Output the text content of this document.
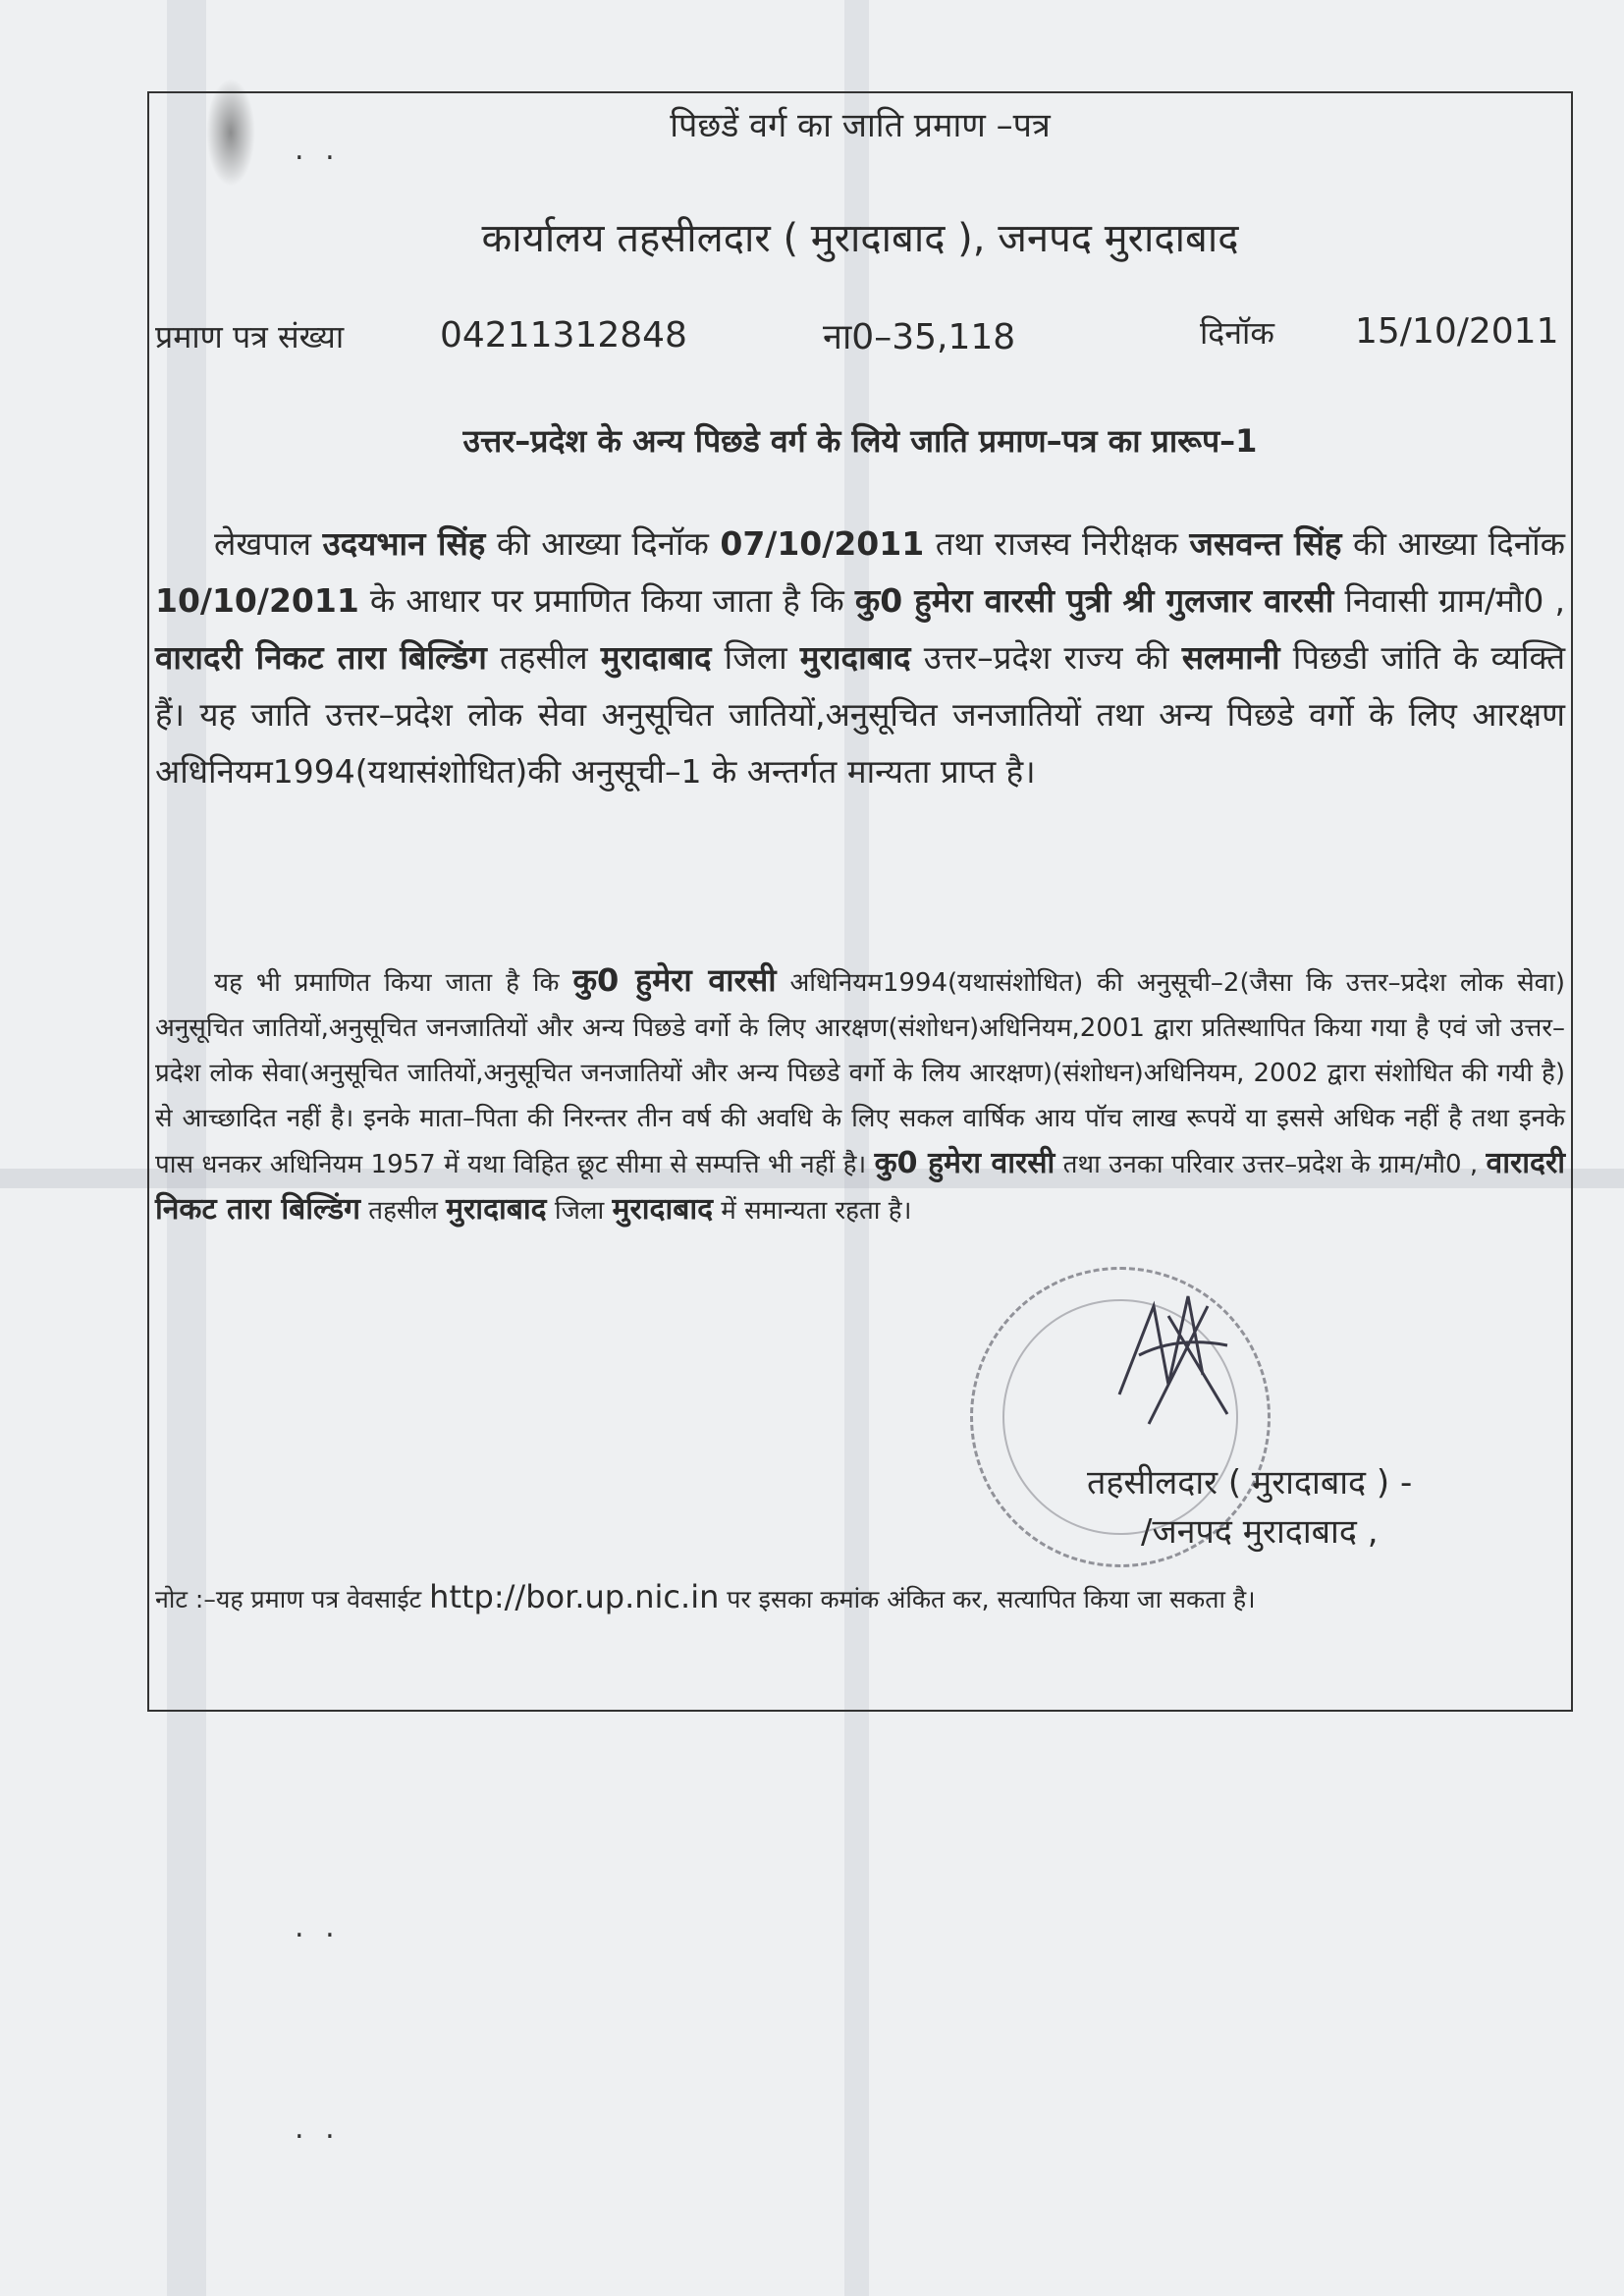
. .
. .
. .
पिछडें वर्ग का जाति प्रमाण –पत्र
कार्यालय तहसीलदार ( मुरादाबाद ), जनपद मुरादाबाद
प्रमाण पत्र संख्या	04211312848	ना0–35,118	दिनॉक 15/10/2011
उत्तर–प्रदेश के अन्य पिछडे वर्ग के लिये जाति प्रमाण–पत्र का प्रारूप–1
लेखपाल उदयभान सिंह की आख्या दिनॉक 07/10/2011 तथा राजस्व निरीक्षक जसवन्त सिंह की आख्या दिनॉक 10/10/2011 के आधार पर प्रमाणित किया जाता है कि कु0 हुमेरा वारसी पुत्री श्री गुलजार वारसी निवासी ग्राम/मौ0 , वारादरी निकट तारा बिल्डिंग तहसील मुरादाबाद जिला मुरादाबाद उत्तर–प्रदेश राज्य की सलमानी पिछडी जांति के व्यक्ति हैं। यह जाति उत्तर–प्रदेश लोक सेवा अनुसूचित जातियों,अनुसूचित जनजातियों तथा अन्य पिछडे वर्गो के लिए आरक्षण अधिनियम1994(यथासंशोधित)की अनुसूची–1 के अन्तर्गत मान्यता प्राप्त है।
यह भी प्रमाणित किया जाता है कि कु0 हुमेरा वारसी अधिनियम1994(यथासंशोधित) की अनुसूची–2(जैसा कि उत्तर–प्रदेश लोक सेवा) अनुसूचित जातियों,अनुसूचित जनजातियों और अन्य पिछडे वर्गो के लिए आरक्षण(संशोधन)अधिनियम,2001 द्वारा प्रतिस्थापित किया गया है एवं जो उत्तर–प्रदेश लोक सेवा(अनुसूचित जातियों,अनुसूचित जनजातियों और अन्य पिछडे वर्गो के लिय आरक्षण)(संशोधन)अधिनियम, 2002 द्वारा संशोधित की गयी है) से आच्छादित नहीं है। इनके माता–पिता की निरन्तर तीन वर्ष की अवधि के लिए सकल वार्षिक आय पॉच लाख रूपयें या इससे अधिक नहीं है तथा इनके पास धनकर अधिनियम 1957 में यथा विहित छूट सीमा से सम्पत्ति भी नहीं है। कु0 हुमेरा वारसी तथा उनका परिवार उत्तर–प्रदेश के ग्राम/मौ0 , वारादरी निकट तारा बिल्डिंग तहसील मुरादाबाद जिला मुरादाबाद में समान्यता रहता है।
तहसीलदार ( मुरादाबाद ) -
/जनपद मुरादाबाद ,
नोट :–यह प्रमाण पत्र वेवसाईट http://bor.up.nic.in पर इसका कमांक अंकित कर, सत्यापित किया जा सकता है।
